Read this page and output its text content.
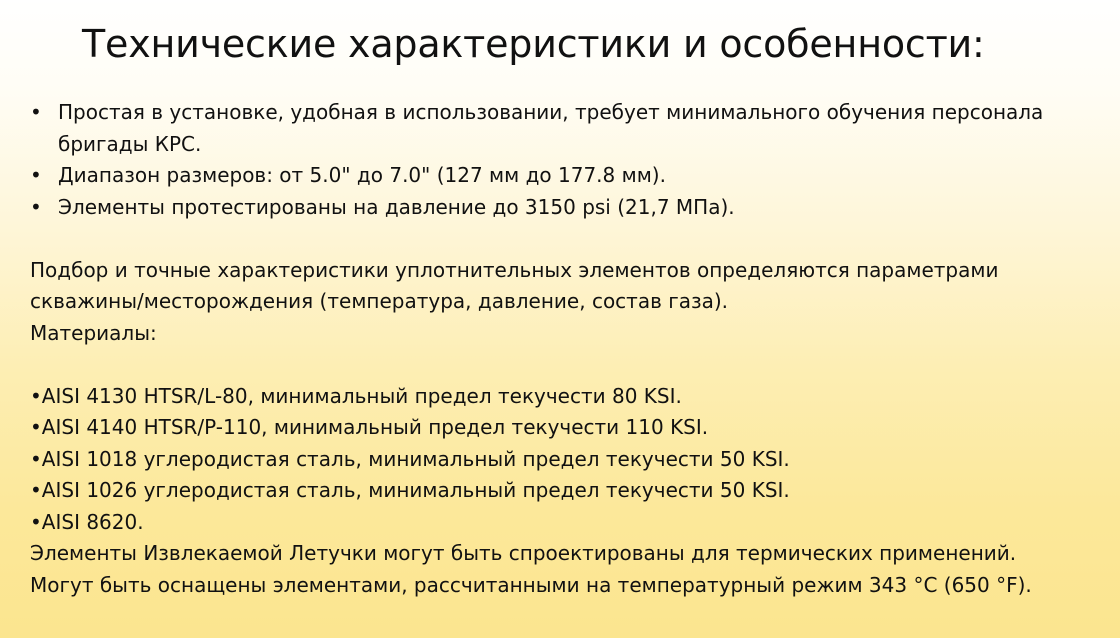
Технические характеристики и особенности:
• Простая в установке, удобная в использовании, требует минимального обучения персонала
бригады КРС.
• Диапазон размеров: от 5.0" до 7.0" (127 мм до 177.8 мм).
• Элементы протестированы на давление до 3150 psi (21,7 МПа).

Подбор и точные характеристики уплотнительных элементов определяются параметрами
скважины/месторождения (температура, давление, состав газа).
Материалы:

•AISI 4130 HTSR/L-80, минимальный предел текучести 80 KSI.
•AISI 4140 HTSR/P-110, минимальный предел текучести 110 KSI.
•AISI 1018 углеродистая сталь, минимальный предел текучести 50 KSI.
•AISI 1026 углеродистая сталь, минимальный предел текучести 50 KSI.
•AISI 8620.

Элементы Извлекаемой Летучки могут быть спроектированы для термических применений.
Могут быть оснащены элементами, рассчитанными на температурный режим 343 °C (650 °F).
